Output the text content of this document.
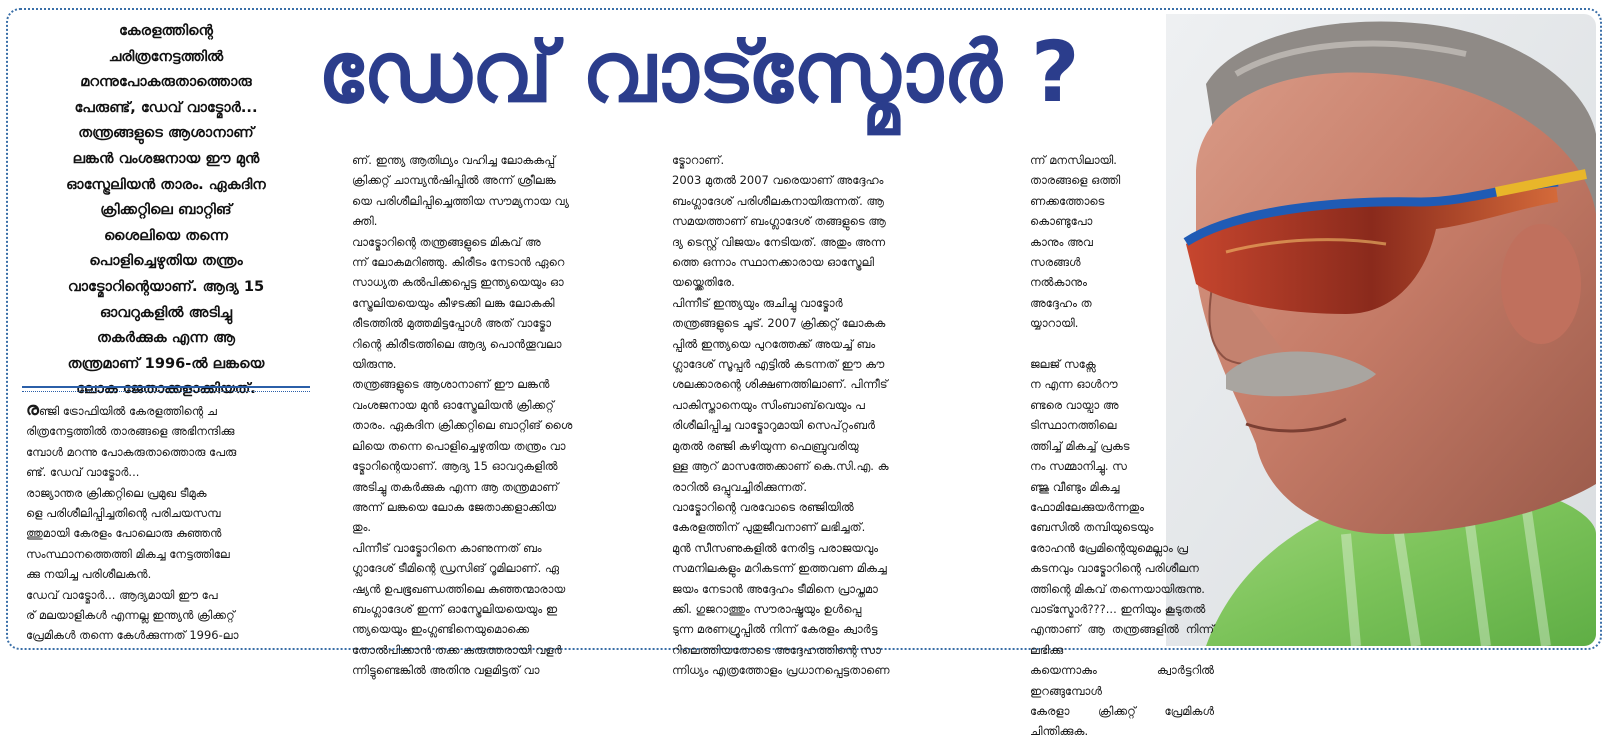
ഡേവ് വാട്മോർ ?
കേരളത്തിന്റെ
ചരിത്രനേട്ടത്തിൽ
മറന്നുപോകരുതാത്തൊരു
പേരുണ്ട്, ഡേവ് വാട്മോർ...
തന്ത്രങ്ങളുടെ ആശാനാണ്
ലങ്കൻ വംശജനായ ഈ മുൻ
ഓസ്ട്രേലിയൻ താരം. ഏകദിന
ക്രിക്കറ്റിലെ ബാറ്റിങ്
ശൈലിയെ തന്നെ
പൊളിച്ചെഴുതിയ തന്ത്രം
വാട്മോറിന്റെയാണ്. ആദ്യ 15
ഓവറുകളിൽ അടിച്ചു
തകർക്കുക എന്ന ആ
തന്ത്രമാണ് 1996-ൽ ലങ്കയെ
ലോക ജേതാക്കളാക്കിയത്.
രഞ്ജി ട്രോഫിയിൽ കേരളത്തിന്റെ ച
രിത്രനേട്ടത്തിൽ താരങ്ങളെ അഭിനന്ദിക്കു
മ്പോൾ മറന്നു പോകരുതാത്തൊരു പേരു
ണ്ട്. ഡേവ് വാട്മോർ...
രാജ്യാന്തര ക്രിക്കറ്റിലെ പ്രമുഖ ടീമുക
ളെ പരിശീലിപ്പിച്ചതിന്റെ പരിചയസമ്പ
ത്തുമായി കേരളം പോലൊരു കുഞ്ഞൻ
സംസ്ഥാനത്തെത്തി മികച്ച നേട്ടത്തിലേ
ക്കു നയിച്ച പരിശീലകൻ.
ഡേവ് വാട്മോർ... ആദ്യമായി ഈ പേ
ര് മലയാളികൾ എന്നല്ല ഇന്ത്യൻ ക്രിക്കറ്റ്
പ്രേമികൾ തന്നെ കേൾക്കുന്നത് 1996-ലാ
ണ്. ഇന്ത്യ ആതിഥ്യം വഹിച്ച ലോകകപ്പ്
ക്രിക്കറ്റ് ചാമ്പ്യൻഷിപ്പിൽ അന്ന് ശ്രീലങ്ക
യെ പരിശീലിപ്പിച്ചെത്തിയ സൗമ്യനായ വ്യ
ക്തി.
വാട്മോറിന്റെ തന്ത്രങ്ങളുടെ മികവ് അ
ന്ന് ലോകമറിഞ്ഞു. കിരീടം നേടാൻ ഏറെ
സാധ്യത കൽപിക്കപ്പെട്ട ഇന്ത്യയെയും ഓ
സ്ട്രേലിയയെയും കീഴടക്കി ലങ്ക ലോകകി
രീടത്തിൽ മുത്തമിട്ടപ്പോൾ അത് വാട്മോ
റിന്റെ കിരീടത്തിലെ ആദ്യ പൊൻതൂവലാ
യിരുന്നു.
തന്ത്രങ്ങളുടെ ആശാനാണ് ഈ ലങ്കൻ
വംശജനായ മുൻ ഓസ്ട്രേലിയൻ ക്രിക്കറ്റ്
താരം. ഏകദിന ക്രിക്കറ്റിലെ ബാറ്റിങ് ശൈ
ലിയെ തന്നെ പൊളിച്ചെഴുതിയ തന്ത്രം വാ
ട്മോറിന്റെയാണ്. ആദ്യ 15 ഓവറുകളിൽ
അടിച്ചു തകർക്കുക എന്ന ആ തന്ത്രമാണ്
അന്ന് ലങ്കയെ ലോക ജേതാക്കളാക്കിയ
തും.
പിന്നീട് വാട്മോറിനെ കാണുന്നത് ബം
ഗ്ലാദേശ് ടീമിന്റെ ഡ്രസിങ് റൂമിലാണ്. ഏ
ഷ്യൻ ഉപഭൂഖണ്ഡത്തിലെ കുഞ്ഞന്മാരായ
ബംഗ്ലാദേശ് ഇന്ന് ഓസ്ട്രേലിയയെയും ഇ
ന്ത്യയെയും ഇംഗ്ലണ്ടിനെയുമൊക്കെ
തോൽപിക്കാൻ തക്ക കരുത്തരായി വളർ
ന്നിട്ടുണ്ടെങ്കിൽ അതിനു വളമിട്ടത് വാ
ട്മോറാണ്.
2003 മുതൽ 2007 വരെയാണ് അദ്ദേഹം
ബംഗ്ലാദേശ് പരിശീലകനായിരുന്നത്. ആ
സമയത്താണ് ബംഗ്ലാദേശ് തങ്ങളുടെ ആ
ദ്യ ടെസ്റ്റ് വിജയം നേടിയത്. അതും അന്ന
ത്തെ ഒന്നാം സ്ഥാനക്കാരായ ഓസ്ട്രേലി
യയ്ക്കെതിരേ.
പിന്നീട് ഇന്ത്യയും രുചിച്ചു വാട്മോർ
തന്ത്രങ്ങളുടെ ചൂട്. 2007 ക്രിക്കറ്റ് ലോകക
പ്പിൽ ഇന്ത്യയെ പുറത്തേക്ക് അയച്ച് ബം
ഗ്ലാദേശ് സൂപ്പർ എട്ടിൽ കടന്നത് ഈ കൗ
ശലക്കാരന്റെ ശിക്ഷണത്തിലാണ്. പിന്നീട്
പാകിസ്താനെയും സിംബാബ്‌വെയും പ
രിശീലിപ്പിച്ച വാട്മോറുമായി സെപ്റ്റംബർ
മുതൽ രഞ്ജി കഴിയുന്ന ഫെബ്രുവരിയു
ള്ള ആറ് മാസത്തേക്കാണ് കെ.സി.എ. ക
രാറിൽ ഒപ്പുവച്ചിരിക്കുന്നത്.
വാട്മോറിന്റെ വരവോടെ രഞ്ജിയിൽ
കേരളത്തിന് പുതുജീവനാണ് ലഭിച്ചത്.
മുൻ സീസണുകളിൽ നേരിട്ട പരാജയവും
സമനിലകളും മറികടന്ന് ഇത്തവണ മികച്ച
ജയം നേടാൻ അദ്ദേഹം ടീമിനെ പ്രാപ്തമാ
ക്കി. ഗുജറാത്തും സൗരാഷ്ട്രയും ഉൾപ്പെ
ടുന്ന മരണഗ്രൂപ്പിൽ നിന്ന് കേരളം ക്വാർട്ട
റിലെത്തിയതോടെ അദ്ദേഹത്തിന്റെ സാ
ന്നിധ്യം എത്രത്തോളം പ്രധാനപ്പെട്ടതാണെ
ന്ന് മനസിലായി.
താരങ്ങളെ ഒത്തി
ണക്കത്തോടെ
കൊണ്ടുപോ
കാനും അവ
സരങ്ങൾ
നൽകാനും
അദ്ദേഹം ത
യ്യാറായി.

ജലജ് സക്സേ
ന എന്ന ഓൾറൗ
ണ്ടരെ വായ്പാ അ
ടിസ്ഥാനത്തിലെ
ത്തിച്ച് മികച്ച് പ്രകട
നം സമ്മാനിച്ചു. സ
ഞ്ജു വീണ്ടും മികച്ച
ഫോമിലേക്കുയർന്നതും
ബേസിൽ തമ്പിയുടെയും
രോഹൻ പ്രേമിന്റെയുമെല്ലാം പ്ര
കടനവും വാട്മോറിന്റെ പരിശീലന
ത്തിന്റെ മികവ് തന്നെയായിരുന്നു.
വാട്സ്മോർ???... ഇനിയും കൂടുതൽ
എന്താണ് ആ തന്ത്രങ്ങളിൽ നിന്ന് ലഭിക്കു
കയെന്നാകും ക്വാർട്ടറിൽ ഇറങ്ങുമ്പോൾ
കേരളാ ക്രിക്കറ്റ് പ്രേമികൾ ചിന്തിക്കുക.
